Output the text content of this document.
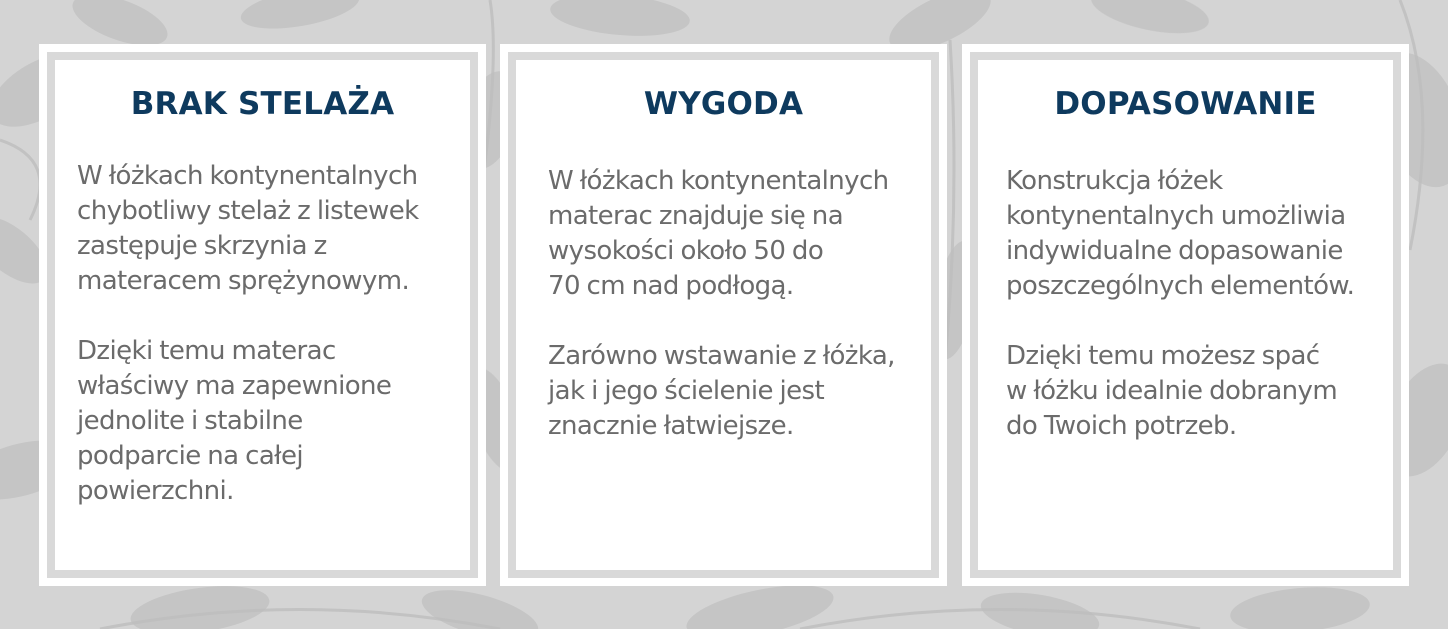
BRAK STELAŻA

W łóżkach kontynentalnych
chybotliwy stelaż z listewek
zastępuje skrzynia z
materacem sprężynowym.

Dzięki temu materac
właściwy ma zapewnione
jednolite i stabilne
podparcie na całej
powierzchni.

WYGODA

W łóżkach kontynentalnych
materac znajduje się na
wysokości około 50 do
70 cm nad podłogą.

Zarówno wstawanie z łóżka,
jak i jego ścielenie jest
znacznie łatwiejsze.

DOPASOWANIE

Konstrukcja łóżek
kontynentalnych umożliwia
indywidualne dopasowanie
poszczególnych elementów.

Dzięki temu możesz spać
w łóżku idealnie dobranym
do Twoich potrzeb.
